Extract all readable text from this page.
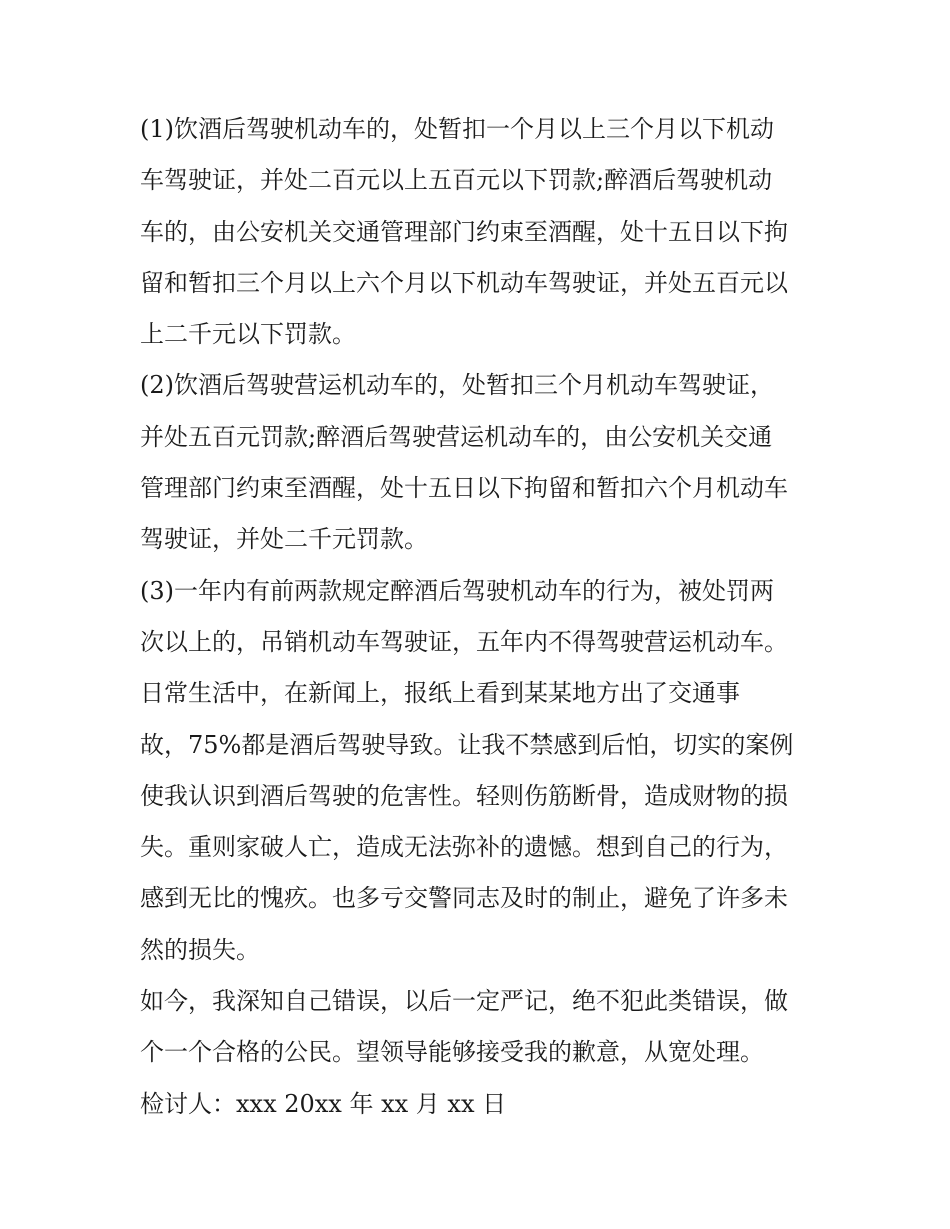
(1)饮酒后驾驶机动车的，处暂扣一个月以上三个月以下机动
车驾驶证，并处二百元以上五百元以下罚款;醉酒后驾驶机动
车的，由公安机关交通管理部门约束至酒醒，处十五日以下拘
留和暂扣三个月以上六个月以下机动车驾驶证，并处五百元以
上二千元以下罚款。
(2)饮酒后驾驶营运机动车的，处暂扣三个月机动车驾驶证，
并处五百元罚款;醉酒后驾驶营运机动车的，由公安机关交通
管理部门约束至酒醒，处十五日以下拘留和暂扣六个月机动车
驾驶证，并处二千元罚款。
(3)一年内有前两款规定醉酒后驾驶机动车的行为，被处罚两
次以上的，吊销机动车驾驶证，五年内不得驾驶营运机动车。
日常生活中，在新闻上，报纸上看到某某地方出了交通事
故，75%都是酒后驾驶导致。让我不禁感到后怕，切实的案例
使我认识到酒后驾驶的危害性。轻则伤筋断骨，造成财物的损
失。重则家破人亡，造成无法弥补的遗憾。想到自己的行为，
感到无比的愧疚。也多亏交警同志及时的制止，避免了许多未
然的损失。
如今，我深知自己错误，以后一定严记，绝不犯此类错误，做
个一个合格的公民。望领导能够接受我的歉意，从宽处理。
检讨人：xxx 20xx 年 xx 月 xx 日
